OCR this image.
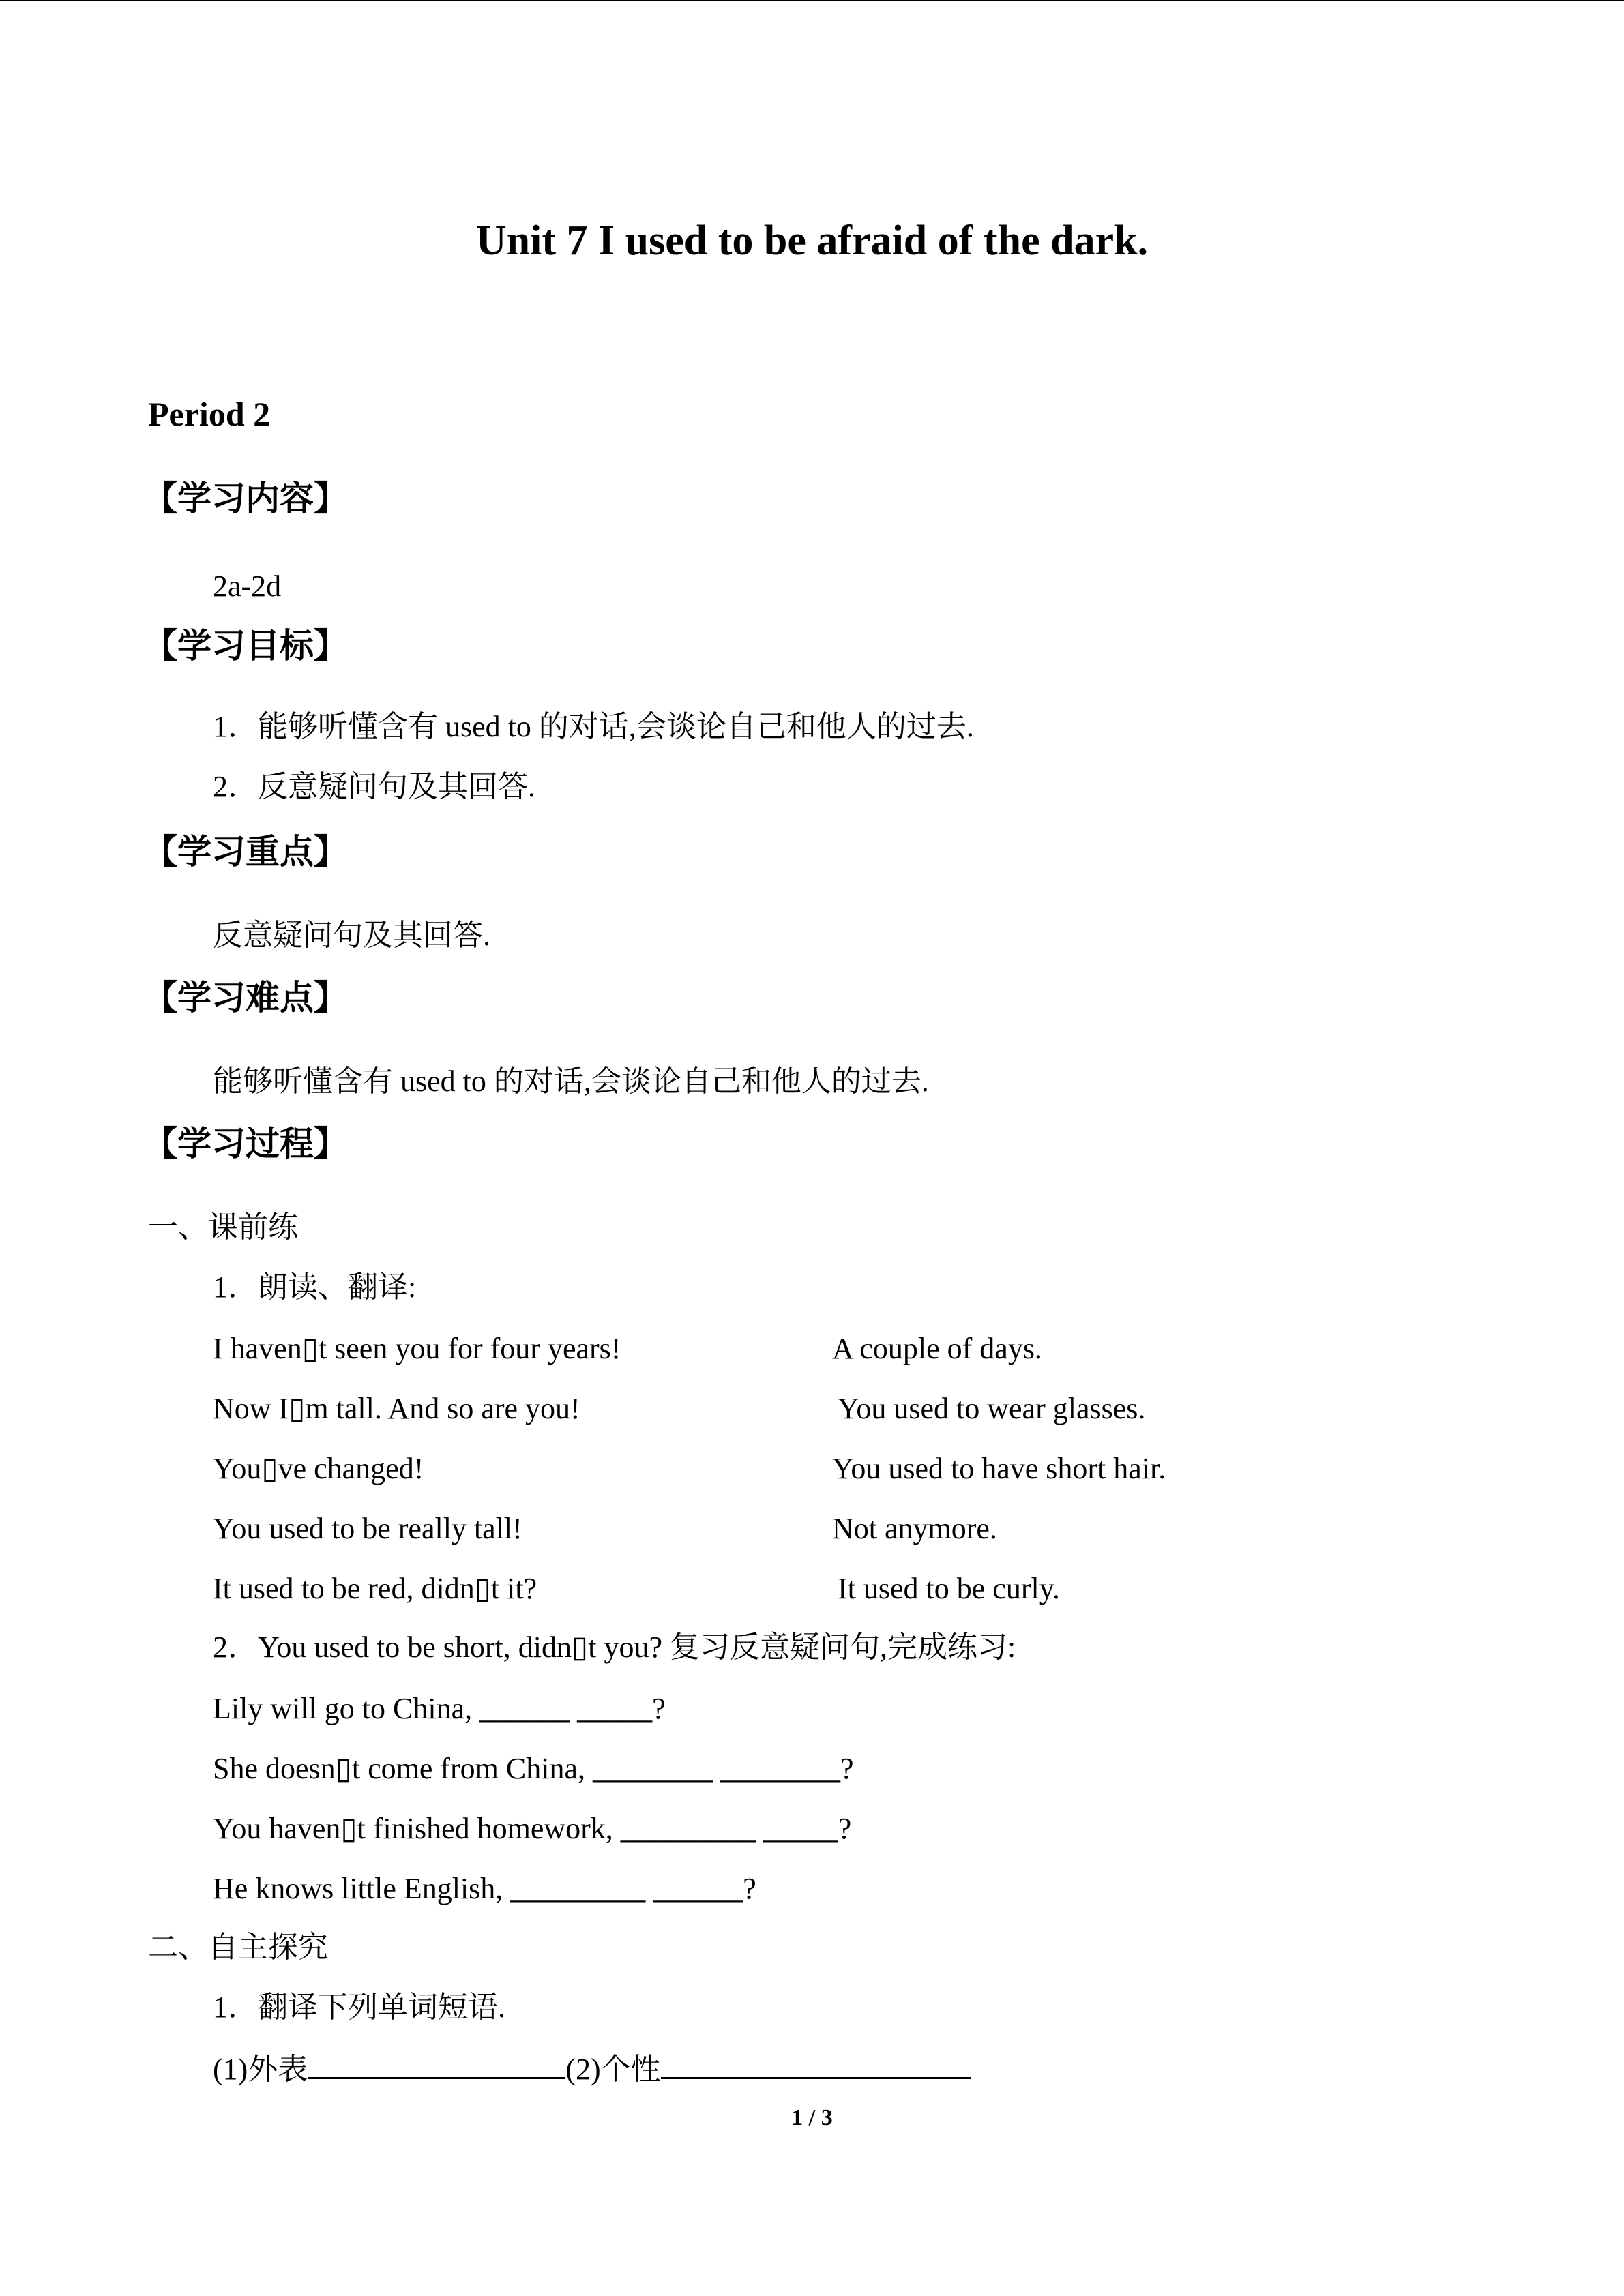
Unit 7 I used to be afraid of the dark.
Period 2
【学习内容】
2a-2d
【学习目标】
1．能够听懂含有 used to 的对话,会谈论自己和他人的过去.
2．反意疑问句及其回答.
【学习重点】
反意疑问句及其回答.
【学习难点】
能够听懂含有 used to 的对话,会谈论自己和他人的过去.
【学习过程】
一、课前练
1．朗读、翻译:
I haven▯t seen you for four years!	A couple of days.
Now I▯m tall. And so are you!	You used to wear glasses.
You▯ve changed!	You used to have short hair.
You used to be really tall!	Not anymore.
It used to be red, didn▯t it?	It used to be curly.
2．You used to be short, didn▯t you? 复习反意疑问句,完成练习:
Lily will go to China, ______ _____?
She doesn▯t come from China, ________ ________?
You haven▯t finished homework, _________ _____?
He knows little English, _________ ______?
二、自主探究
1．翻译下列单词短语.
(1)外表	(2)个性
1 / 3
